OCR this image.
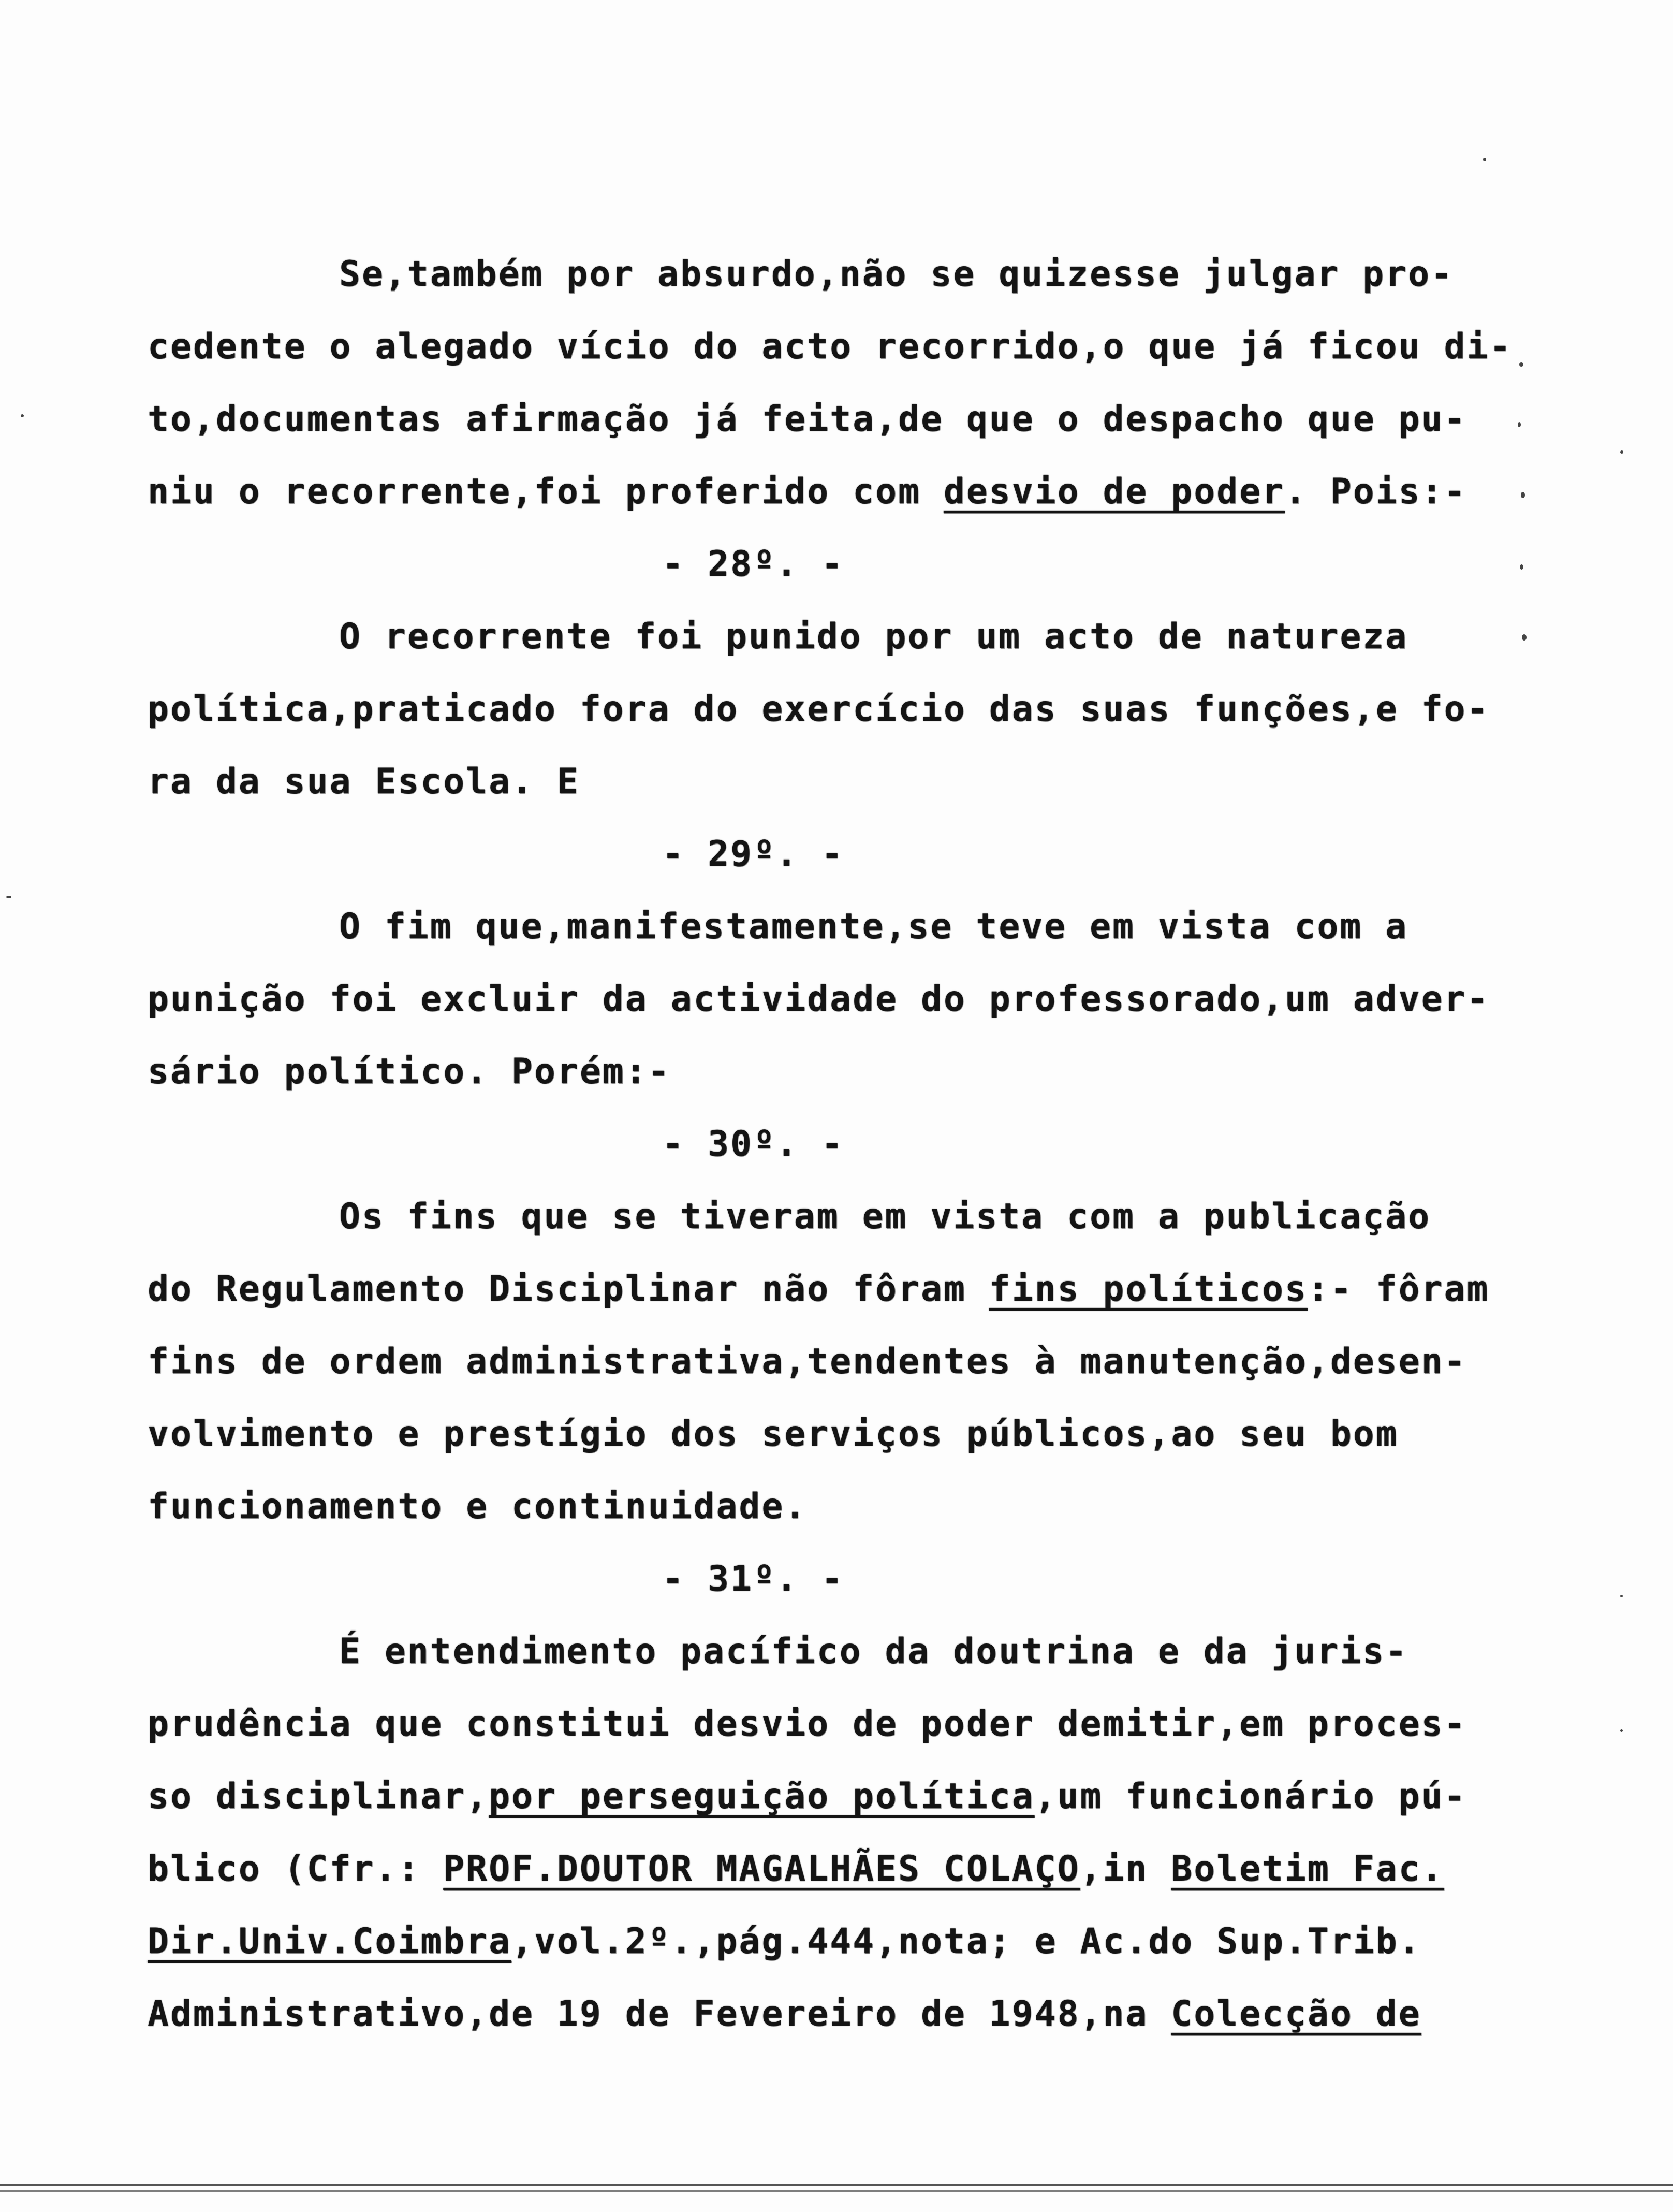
Se,também por absurdo,não se quizesse julgar pro-
cedente o alegado vício do acto recorrido,o que já ficou di-
to,documentas afirmação já feita,de que o despacho que pu-
niu o recorrente,foi proferido com desvio de poder. Pois:-
- 28º. -
O recorrente foi punido por um acto de natureza
política,praticado fora do exercício das suas funções,e fo-
ra da sua Escola. E
- 29º. -
O fim que,manifestamente,se teve em vista com a
punição foi excluir da actividade do professorado,um adver-
sário político. Porém:-
- 30º. -
Os fins que se tiveram em vista com a publicação
do Regulamento Disciplinar não fôram fins políticos:- fôram
fins de ordem administrativa,tendentes à manutenção,desen-
volvimento e prestígio dos serviços públicos,ao seu bom
funcionamento e continuidade.
- 31º. -
É entendimento pacífico da doutrina e da juris-
prudência que constitui desvio de poder demitir,em proces-
so disciplinar,por perseguição política,um funcionário pú-
blico (Cfr.: PROF.DOUTOR MAGALHÃES COLAÇO,in Boletim Fac.
Dir.Univ.Coimbra,vol.2º.,pág.444,nota; e Ac.do Sup.Trib.
Administrativo,de 19 de Fevereiro de 1948,na Colecção de
